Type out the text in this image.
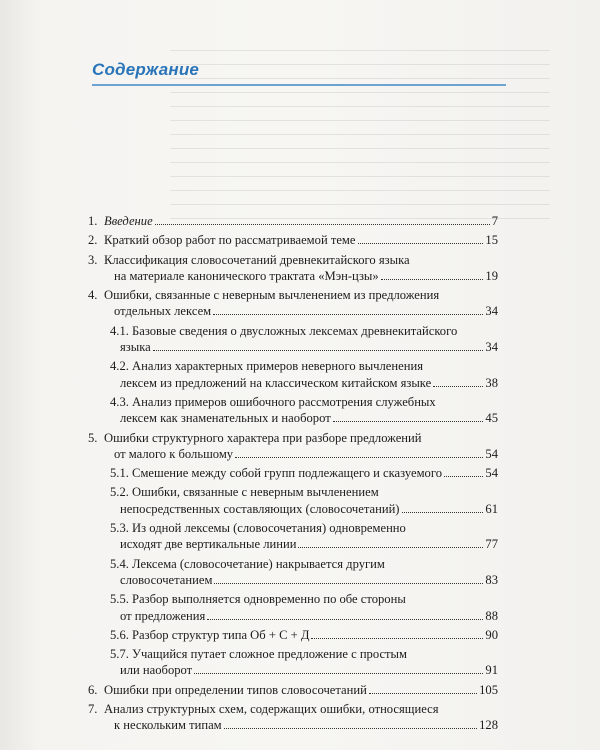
Содержание
1. Введение	7
2. Краткий обзор работ по рассматриваемой теме	15
3. Классификация словосочетаний древнекитайского языка
на материале канонического трактата «Мэн-цзы»	19
4. Ошибки, связанные с неверным вычленением из предложения
отдельных лексем	34
4.1. Базовые сведения о двусложных лексемах древнекитайского
языка	34
4.2. Анализ характерных примеров неверного вычленения
лексем из предложений на классическом китайском языке	38
4.3. Анализ примеров ошибочного рассмотрения служебных
лексем как знаменательных и наоборот	45
5. Ошибки структурного характера при разборе предложений
от малого к большому	54
5.1. Смешение между собой групп подлежащего и сказуемого	54
5.2. Ошибки, связанные с неверным вычленением
непосредственных составляющих (словосочетаний)	61
5.3. Из одной лексемы (словосочетания) одновременно
исходят две вертикальные линии	77
5.4. Лексема (словосочетание) накрывается другим
словосочетанием	83
5.5. Разбор выполняется одновременно по обе стороны
от предложения	88
5.6. Разбор структур типа Об + С + Д	90
5.7. Учащийся путает сложное предложение с простым
или наоборот	91
6. Ошибки при определении типов словосочетаний	105
7. Анализ структурных схем, содержащих ошибки, относящиеся
к нескольким типам	128
